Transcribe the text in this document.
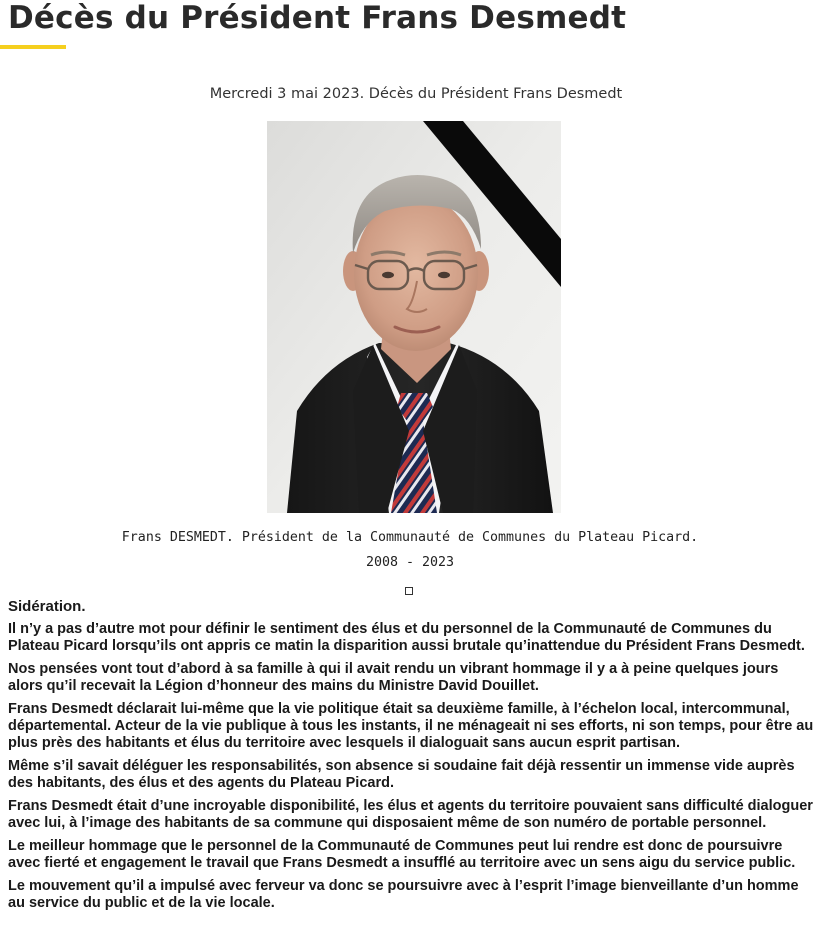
Décès du Président Frans Desmedt
Mercredi 3 mai 2023. Décès du Président Frans Desmedt
Frans DESMEDT. Président de la Communauté de Communes du Plateau Picard.
2008 - 2023

Sidération.

Il n’y a pas d’autre mot pour définir le sentiment des élus et du personnel de la Communauté de Communes du Plateau Picard lorsqu’ils ont appris ce matin la disparition aussi brutale qu’inattendue du Président Frans Desmedt.

Nos pensées vont tout d’abord à sa famille à qui il avait rendu un vibrant hommage il y a à peine quelques jours alors qu’il recevait la Légion d’honneur des mains du Ministre David Douillet.

Frans Desmedt déclarait lui-même que la vie politique était sa deuxième famille, à l’échelon local, intercommunal, départemental. Acteur de la vie publique à tous les instants, il ne ménageait ni ses efforts, ni son temps, pour être au plus près des habitants et élus du territoire avec lesquels il dialoguait sans aucun esprit partisan.

Même s’il savait déléguer les responsabilités, son absence si soudaine fait déjà ressentir un immense vide auprès des habitants, des élus et des agents du Plateau Picard.

Frans Desmedt était d’une incroyable disponibilité, les élus et agents du territoire pouvaient sans difficulté dialoguer avec lui, à l’image des habitants de sa commune qui disposaient même de son numéro de portable personnel.

Le meilleur hommage que le personnel de la Communauté de Communes peut lui rendre est donc de poursuivre avec fierté et engagement le travail que Frans Desmedt a insufflé au territoire avec un sens aigu du service public.

Le mouvement qu’il a impulsé avec ferveur va donc se poursuivre avec à l’esprit l’image bienveillante d’un homme au service du public et de la vie locale.
